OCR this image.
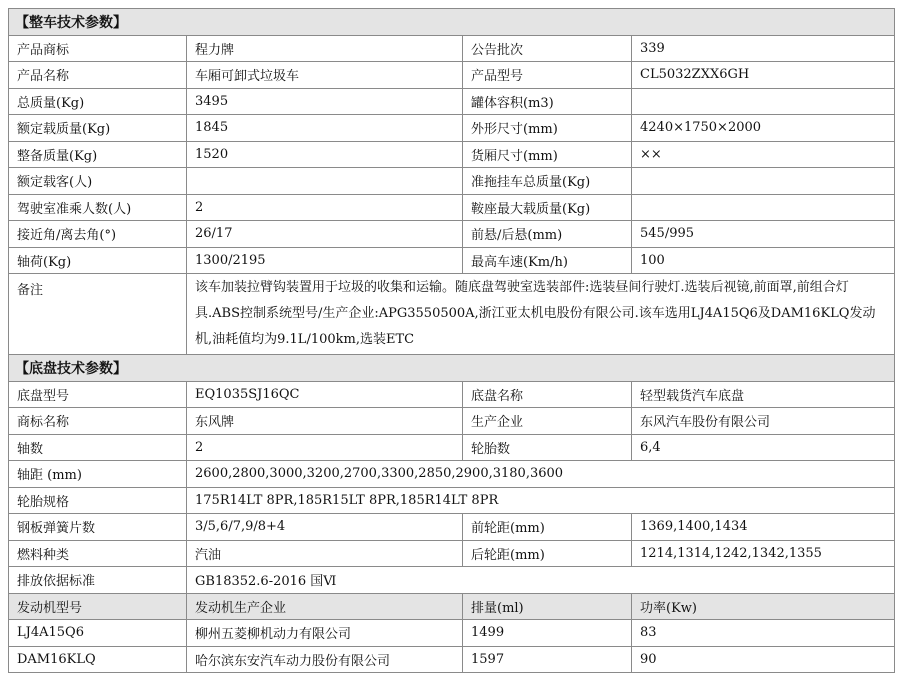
【整车技术参数】			
产品商标	程力牌	公告批次	339
产品名称	车厢可卸式垃圾车	产品型号	CL5032ZXX6GH
总质量(Kg)	3495	罐体容积(m3)	
额定载质量(Kg)	1845	外形尺寸(mm)	4240×1750×2000
整备质量(Kg)	1520	货厢尺寸(mm)	××
额定载客(人)		准拖挂车总质量(Kg)	
驾驶室准乘人数(人)	2	鞍座最大载质量(Kg)	
接近角/离去角(°)	26/17	前悬/后悬(mm)	545/995
轴荷(Kg)	1300/2195	最高车速(Km/h)	100
备注	该车加装拉臂钩装置用于垃圾的收集和运输。随底盘驾驶室选装部件:选装昼间行驶灯.选装后视镜,前面罩,前组合灯具.ABS控制系统型号/生产企业:APG3550500A,浙江亚太机电股份有限公司.该车选用LJ4A15Q6及DAM16KLQ发动机,油耗值均为9.1L/100km,选装ETC		
【底盘技术参数】			
底盘型号	EQ1035SJ16QC	底盘名称	轻型载货汽车底盘
商标名称	东风牌	生产企业	东风汽车股份有限公司
轴数	2	轮胎数	6,4
轴距 (mm)	2600,2800,3000,3200,2700,3300,2850,2900,3180,3600		
轮胎规格	175R14LT 8PR,185R15LT 8PR,185R14LT 8PR		
钢板弹簧片数	3/5,6/7,9/8+4	前轮距(mm)	1369,1400,1434
燃料种类	汽油	后轮距(mm)	1214,1314,1242,1342,1355
排放依据标准	GB18352.6-2016 国Ⅵ		
发动机型号	发动机生产企业	排量(ml)	功率(Kw)
LJ4A15Q6	柳州五菱柳机动力有限公司	1499	83
DAM16KLQ	哈尔滨东安汽车动力股份有限公司	1597	90
